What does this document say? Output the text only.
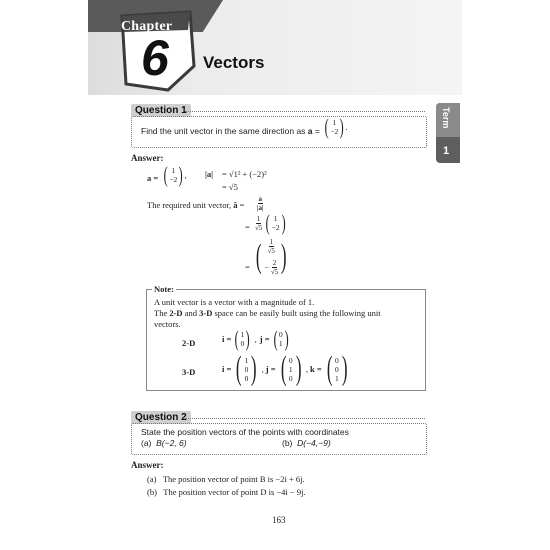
Chapter
6 Vectors
Term
1
Question 1
Find the unit vector in the same direction as a = ( 1
−2 ) .
Answer:
a = ( 1
−2 ) , |a| = √1² + (−2)²
= √5
The required unit vector, â = $\frac{a}{|a|}$
= $\frac{1}{√5}$ ( 1
−2 )
= ( $\frac{1}{√5}$
−
$\frac{2}{√5}$ )
Note:
A unit vector is a vector with a magnitude of 1.
The 2-D and 3-D space can be easily built using the following unit
vectors.
2-D	i = ( 1
0 ) , j = ( 0
1 )
3-D	i = ( 1
0
0 ) , j = ( 0
1
0 ) , k = ( 0
0
1 )
Question 2
State the position vectors of the points with coordinates
(a) B(−2, 6)	(b) D(−4,−9)
Answer:
(a) The position vector of point B is −2i + 6j.
(b) The position vector of point D is −4i − 9j.
163
